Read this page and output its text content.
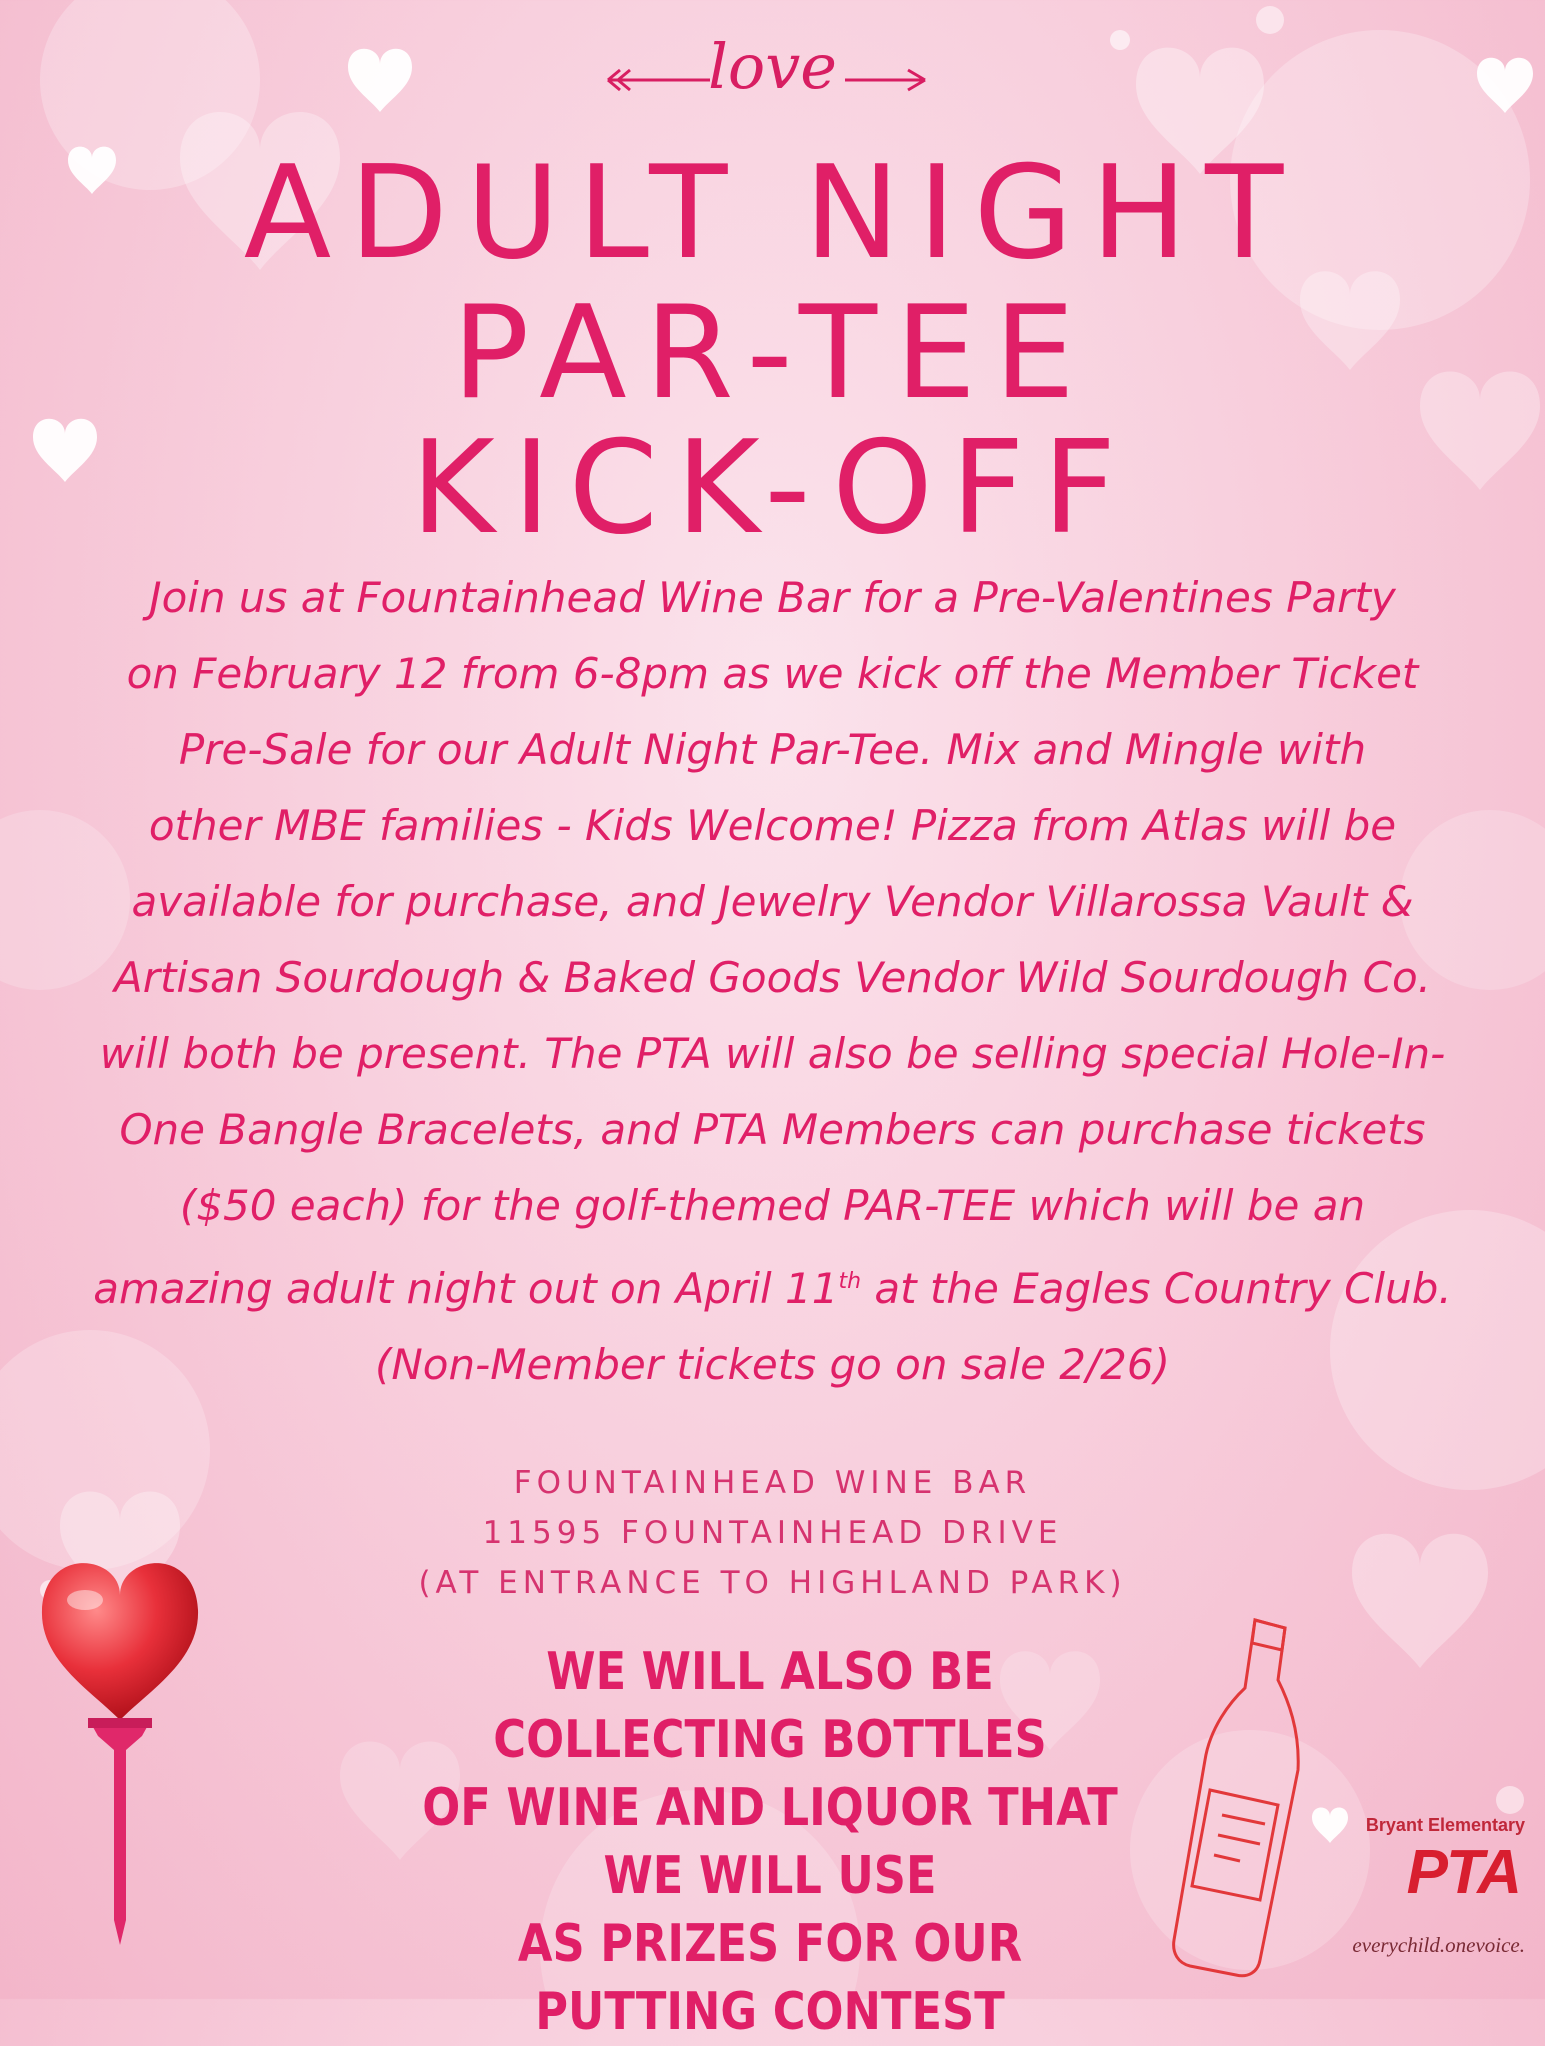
love
ADULT NIGHT
PAR-TEE
KICK-OFF
Join us at Fountainhead Wine Bar for a Pre-Valentines Party
on February 12 from 6-8pm as we kick off the Member Ticket
Pre-Sale for our Adult Night Par-Tee. Mix and Mingle with
other MBE families - Kids Welcome! Pizza from Atlas will be
available for purchase, and Jewelry Vendor Villarossa Vault &
Artisan Sourdough & Baked Goods Vendor Wild Sourdough Co.
will both be present. The PTA will also be selling special Hole-In-
One Bangle Bracelets, and PTA Members can purchase tickets
($50 each) for the golf-themed PAR-TEE which will be an
amazing adult night out on April 11th at the Eagles Country Club.
(Non-Member tickets go on sale 2/26)
FOUNTAINHEAD WINE BAR
11595 FOUNTAINHEAD DRIVE
(AT ENTRANCE TO HIGHLAND PARK)
WE WILL ALSO BE COLLECTING BOTTLES
OF WINE AND LIQUOR THAT WE WILL USE
AS PRIZES FOR OUR PUTTING CONTEST
Bryant Elementary
PTA
everychild.onevoice.
